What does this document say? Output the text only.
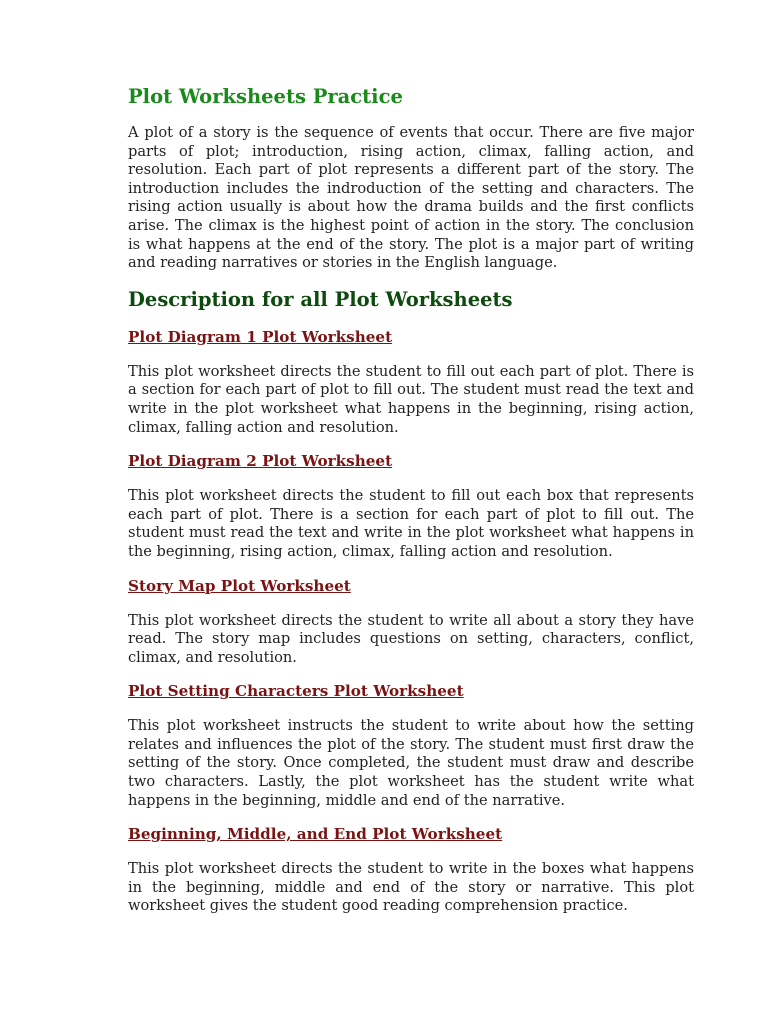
Plot Worksheets Practice

A plot of a story is the sequence of events that occur. There are five major parts of plot; introduction, rising action, climax, falling action, and resolution. Each part of plot represents a different part of the story. The introduction includes the indroduction of the setting and characters. The rising action usually is about how the drama builds and the first conflicts arise. The climax is the highest point of action in the story. The conclusion is what happens at the end of the story. The plot is a major part of writing and reading narratives or stories in the English language.

Description for all Plot Worksheets
Plot Diagram 1 Plot Worksheet

This plot worksheet directs the student to fill out each part of plot. There is a section for each part of plot to fill out. The student must read the text and write in the plot worksheet what happens in the beginning, rising action, climax, falling action and resolution.

Plot Diagram 2 Plot Worksheet

This plot worksheet directs the student to fill out each box that represents each part of plot. There is a section for each part of plot to fill out. The student must read the text and write in the plot worksheet what happens in the beginning, rising action, climax, falling action and resolution.

Story Map Plot Worksheet

This plot worksheet directs the student to write all about a story they have read. The story map includes questions on setting, characters, conflict, climax, and resolution.

Plot Setting Characters Plot Worksheet

This plot worksheet instructs the student to write about how the setting relates and influences the plot of the story. The student must first draw the setting of the story. Once completed, the student must draw and describe two characters. Lastly, the plot worksheet has the student write what happens in the beginning, middle and end of the narrative.

Beginning, Middle, and End Plot Worksheet

This plot worksheet directs the student to write in the boxes what happens in the beginning, middle and end of the story or narrative. This plot worksheet gives the student good reading comprehension practice.
